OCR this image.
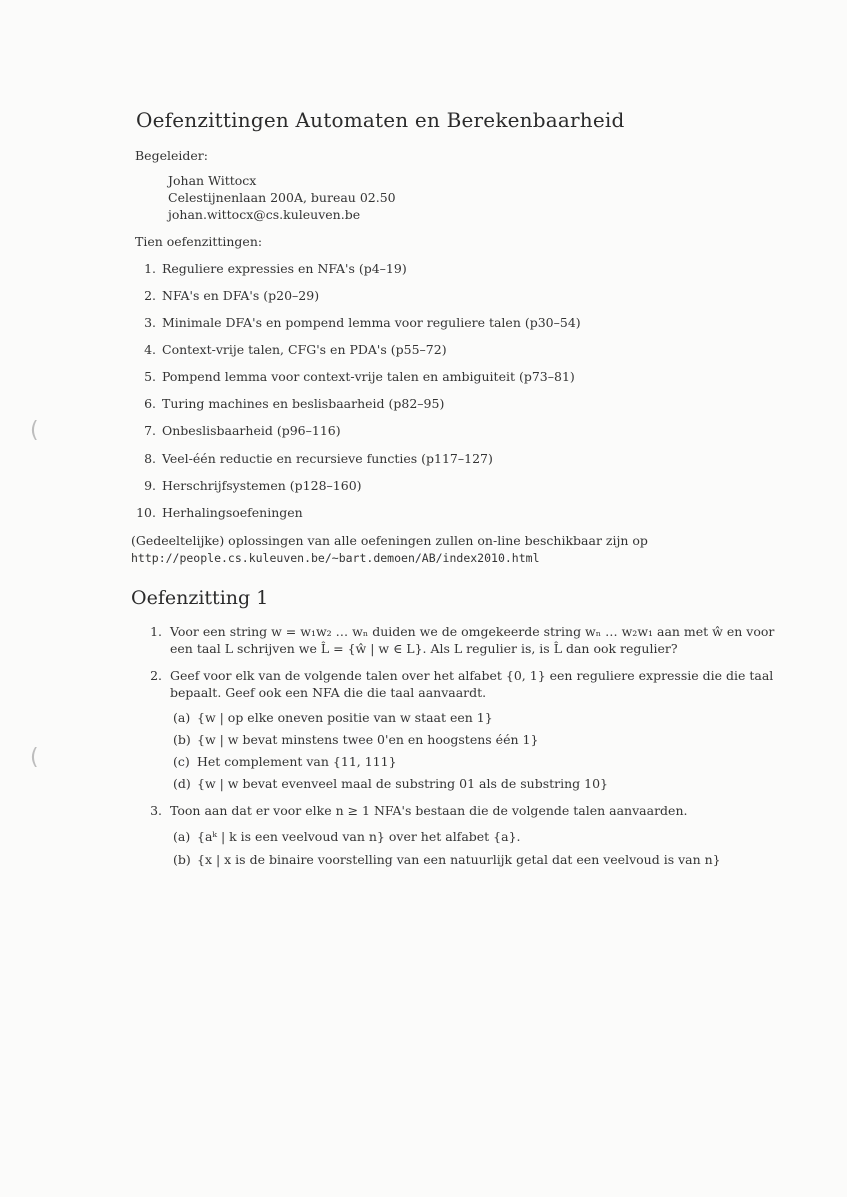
(
(
Oefenzittingen Automaten en Berekenbaarheid
Begeleider:
Johan Wittocx
Celestijnenlaan 200A, bureau 02.50
johan.wittocx@cs.kuleuven.be
Tien oefenzittingen:
1. Reguliere expressies en NFA's (p4–19)
2. NFA's en DFA's (p20–29)
3. Minimale DFA's en pompend lemma voor reguliere talen (p30–54)
4. Context-vrije talen, CFG's en PDA's (p55–72)
5. Pompend lemma voor context-vrije talen en ambiguiteit (p73–81)
6. Turing machines en beslisbaarheid (p82–95)
7. Onbeslisbaarheid (p96–116)
8. Veel-één reductie en recursieve functies (p117–127)
9. Herschrijfsystemen (p128–160)
10. Herhalingsoefeningen
(Gedeeltelijke) oplossingen van alle oefeningen zullen on-line beschikbaar zijn op
http://people.cs.kuleuven.be/~bart.demoen/AB/index2010.html
Oefenzitting 1
1. Voor een string w = w₁w₂ … wₙ duiden we de omgekeerde string wₙ … w₂w₁ aan met ŵ en voor
een taal L schrijven we L̂ = {ŵ | w ∈ L}. Als L regulier is, is L̂ dan ook regulier?
2. Geef voor elk van de volgende talen over het alfabet {0, 1} een reguliere expressie die die taal
bepaalt. Geef ook een NFA die die taal aanvaardt.
(a) {w | op elke oneven positie van w staat een 1}
(b) {w | w bevat minstens twee 0'en en hoogstens één 1}
(c) Het complement van {11, 111}
(d) {w | w bevat evenveel maal de substring 01 als de substring 10}
3. Toon aan dat er voor elke n ≥ 1 NFA's bestaan die de volgende talen aanvaarden.
(a) {aᵏ | k is een veelvoud van n} over het alfabet {a}.
(b) {x | x is de binaire voorstelling van een natuurlijk getal dat een veelvoud is van n}
